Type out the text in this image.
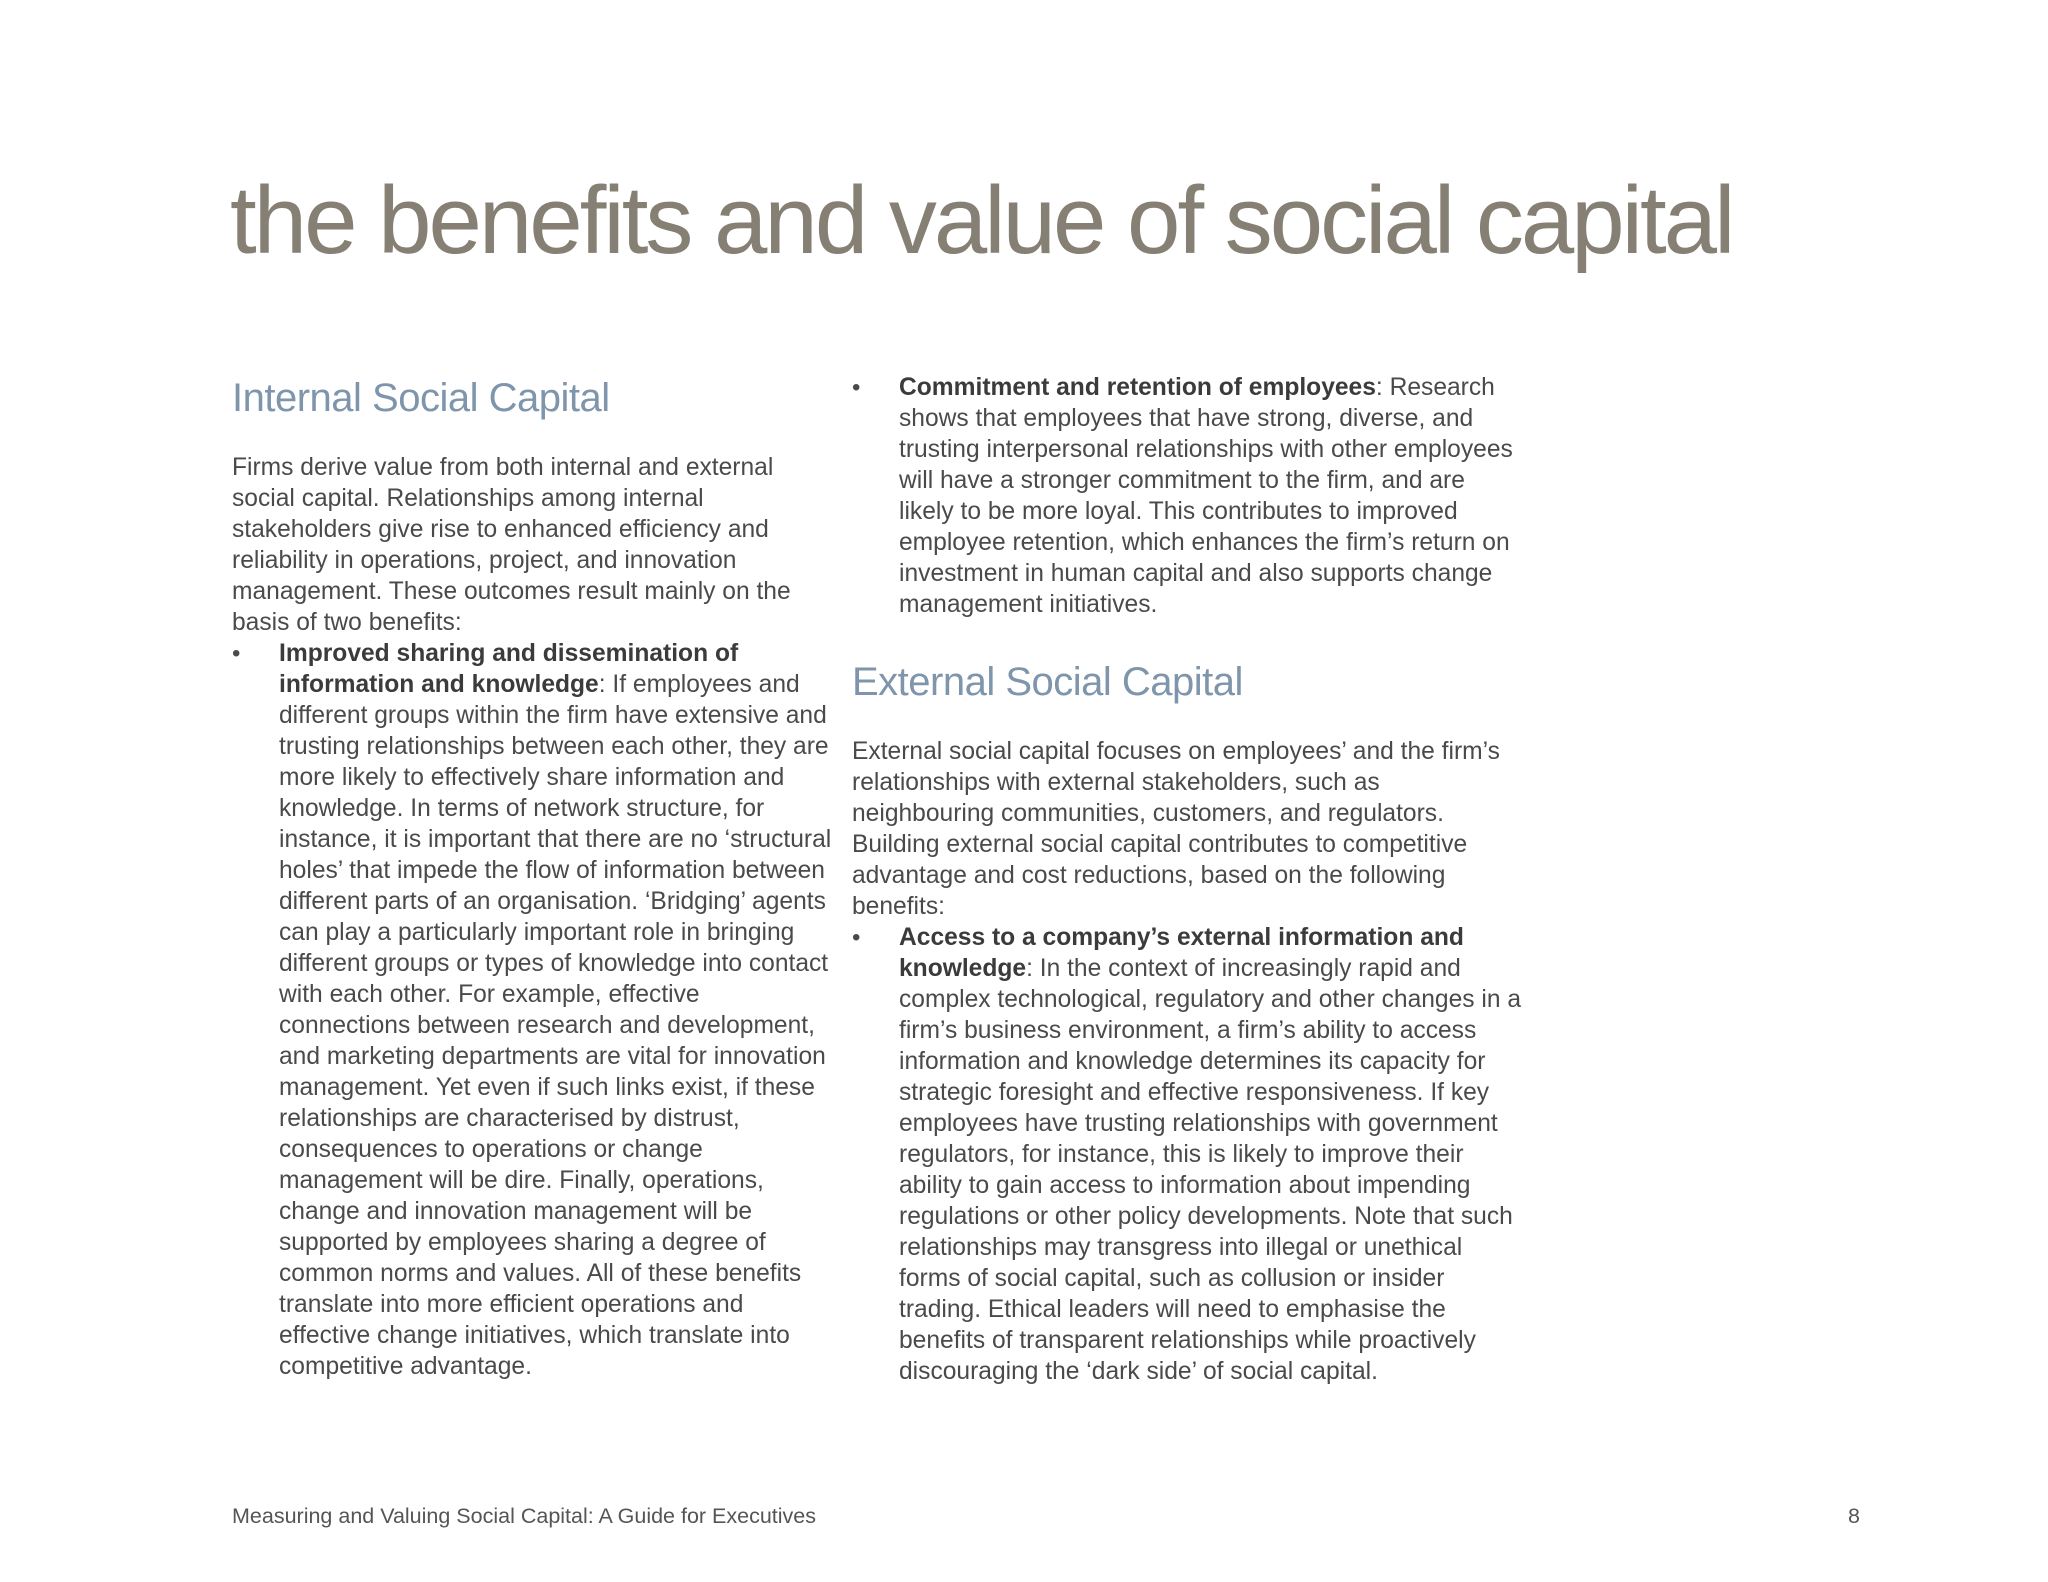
the benefits and value of social capital
Internal Social Capital

Firms derive value from both internal and external social capital. Relationships among internal stakeholders give rise to enhanced efficiency and reliability in operations, project, and innovation management. These outcomes result mainly on the basis of two benefits:

• Improved sharing and dissemination of information and knowledge: If employees and different groups within the firm have extensive and trusting relationships between each other, they are more likely to effectively share information and knowledge. In terms of network structure, for instance, it is important that there are no ‘structural holes’ that impede the flow of information between different parts of an organisation. ‘Bridging’ agents can play a particularly important role in bringing different groups or types of knowledge into contact with each other. For example, effective connections between research and development, and marketing departments are vital for innovation management. Yet even if such links exist, if these relationships are characterised by distrust, consequences to operations or change management will be dire. Finally, operations, change and innovation management will be supported by employees sharing a degree of common norms and values. All of these benefits translate into more efficient operations and effective change initiatives, which translate into competitive advantage.
• Commitment and retention of employees: Research shows that employees that have strong, diverse, and trusting interpersonal relationships with other employees will have a stronger commitment to the firm, and are likely to be more loyal. This contributes to improved employee retention, which enhances the firm’s return on investment in human capital and also supports change management initiatives.
External Social Capital

External social capital focuses on employees’ and the firm’s relationships with external stakeholders, such as neighbouring communities, customers, and regulators. Building external social capital contributes to competitive advantage and cost reductions, based on the following benefits:

• Access to a company’s external information and knowledge: In the context of increasingly rapid and complex technological, regulatory and other changes in a firm’s business environment, a firm’s ability to access information and knowledge determines its capacity for strategic foresight and effective responsiveness. If key employees have trusting relationships with government regulators, for instance, this is likely to improve their ability to gain access to information about impending regulations or other policy developments. Note that such relationships may transgress into illegal or unethical forms of social capital, such as collusion or insider trading. Ethical leaders will need to emphasise the benefits of transparent relationships while proactively discouraging the ‘dark side’ of social capital.
Measuring and Valuing Social Capital: A Guide for Executives	8
